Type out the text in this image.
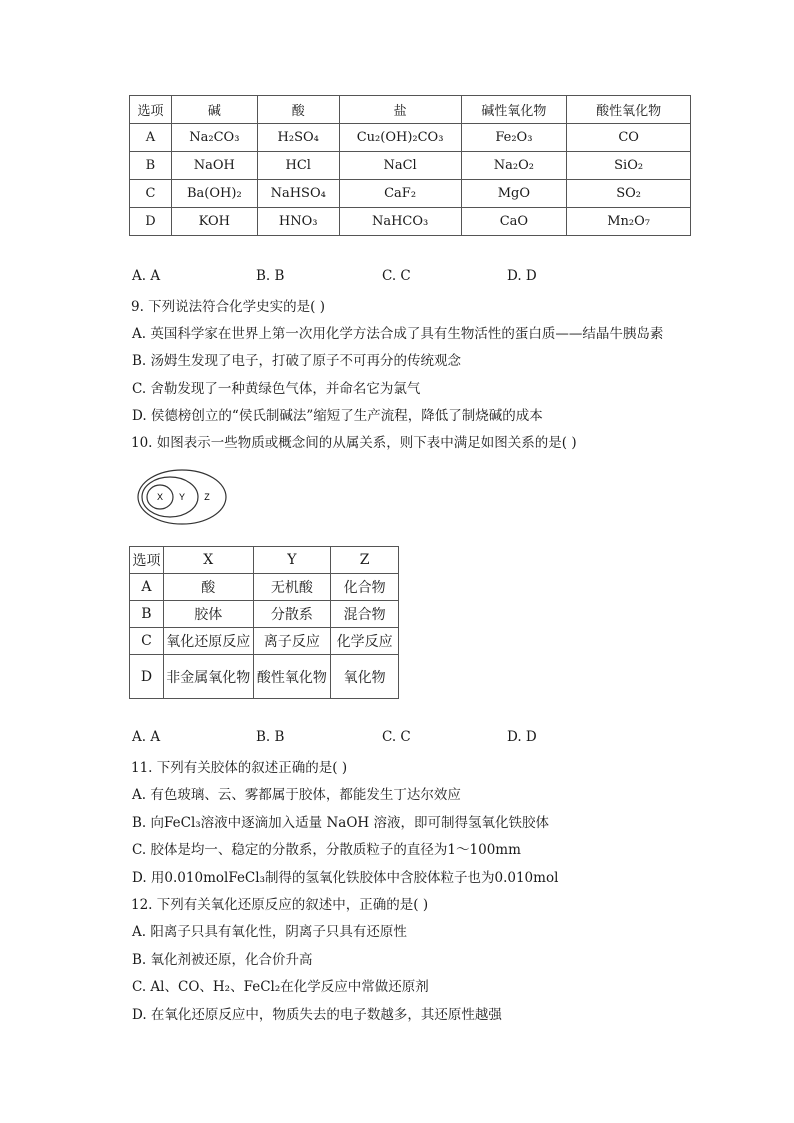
选项	碱	酸	盐	碱性氧化物	酸性氧化物
A	Na₂CO₃	H₂SO₄	Cu₂(OH)₂CO₃	Fe₂O₃	CO
B	NaOH	HCl	NaCl	Na₂O₂	SiO₂
C	Ba(OH)₂	NaHSO₄	CaF₂	MgO	SO₂
D	KOH	HNO₃	NaHCO₃	CaO	Mn₂O₇
A. A	B. B	C. C	D. D
9. 下列说法符合化学史实的是( )
A. 英国科学家在世界上第一次用化学方法合成了具有生物活性的蛋白质——结晶牛胰岛素
B. 汤姆生发现了电子，打破了原子不可再分的传统观念
C. 舍勒发现了一种黄绿色气体，并命名它为氯气
D. 侯德榜创立的“侯氏制碱法”缩短了生产流程，降低了制烧碱的成本
10. 如图表示一些物质或概念间的从属关系，则下表中满足如图关系的是( )
X Y Z
选项	X	Y	Z
A	酸	无机酸	化合物
B	胶体	分散系	混合物
C	氧化还原反应	离子反应	化学反应
D	非金属氧化物	酸性氧化物	氧化物
A. A	B. B	C. C	D. D
11. 下列有关胶体的叙述正确的是( )
A. 有色玻璃、云、雾都属于胶体，都能发生丁达尔效应
B. 向FeCl₃溶液中逐滴加入适量 NaOH 溶液，即可制得氢氧化铁胶体
C. 胶体是均一、稳定的分散系，分散质粒子的直径为1～100mm
D. 用0.010molFeCl₃制得的氢氧化铁胶体中含胶体粒子也为0.010mol
12. 下列有关氧化还原反应的叙述中，正确的是( )
A. 阳离子只具有氧化性，阴离子只具有还原性
B. 氧化剂被还原，化合价升高
C. Al、CO、H₂、FeCl₂在化学反应中常做还原剂
D. 在氧化还原反应中，物质失去的电子数越多，其还原性越强
